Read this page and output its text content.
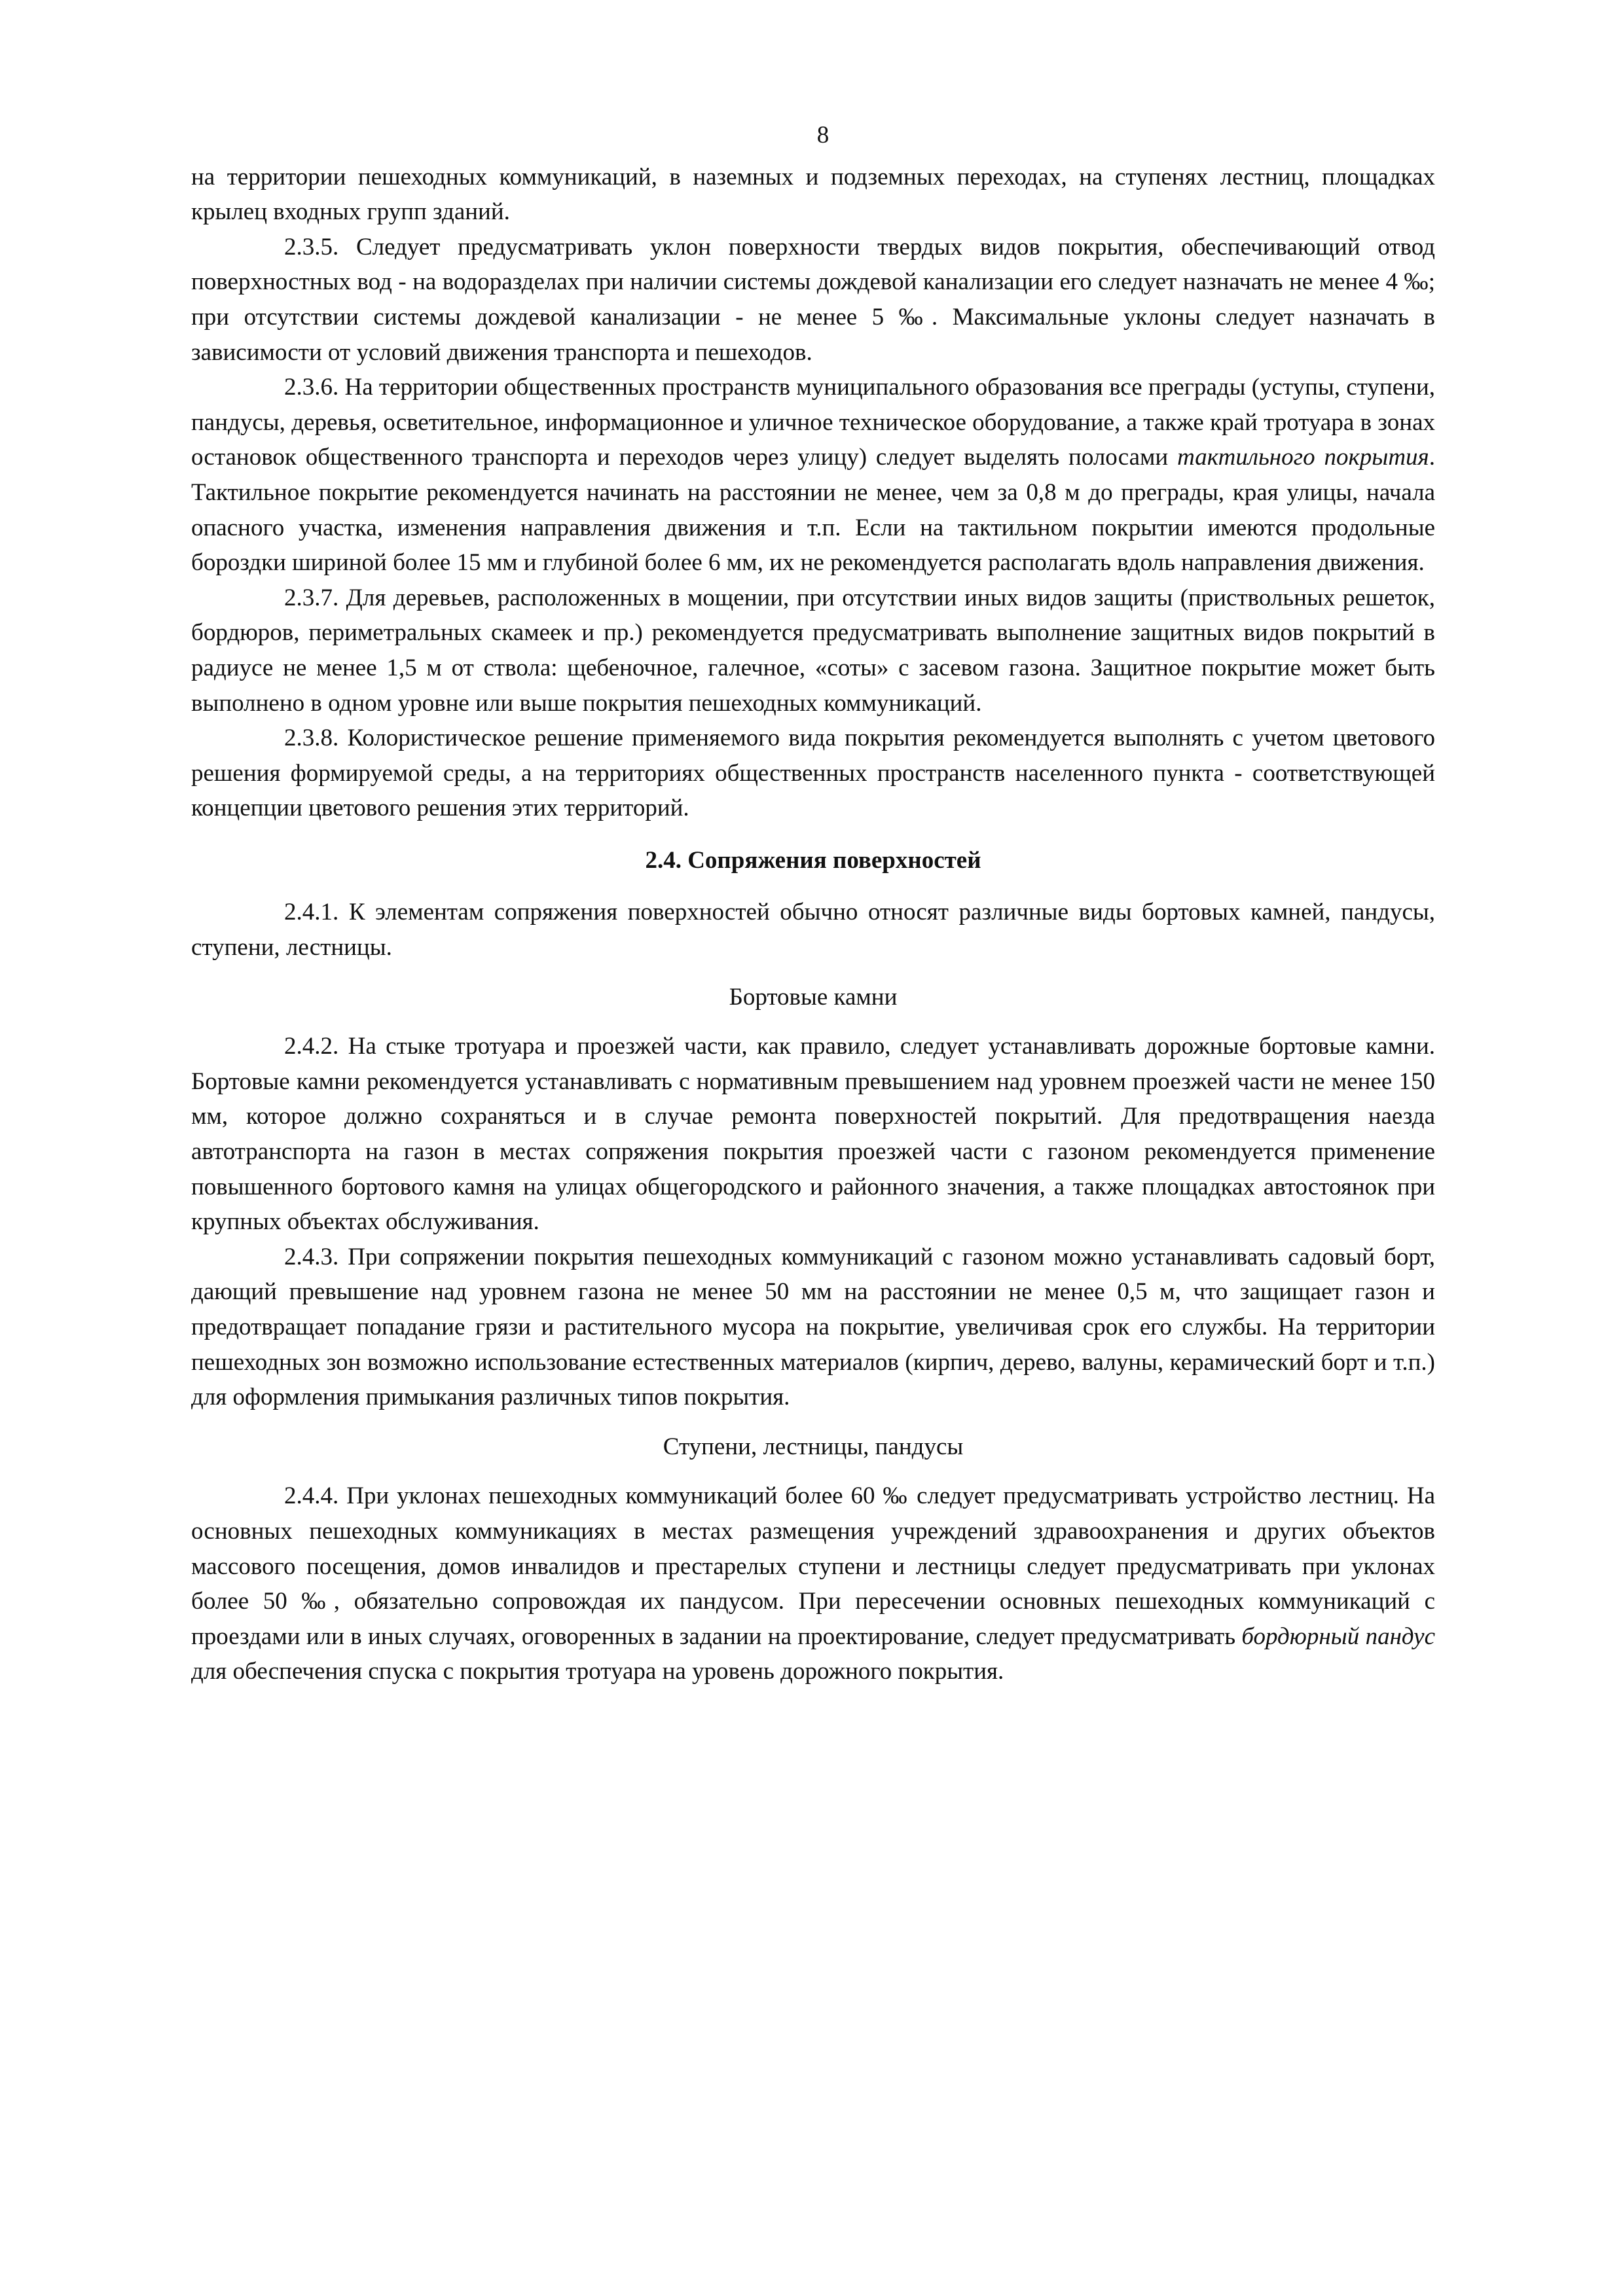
8

на территории пешеходных коммуникаций, в наземных и подземных переходах, на ступенях лестниц, площадках крылец входных групп зданий.

2.3.5. Следует предусматривать уклон поверхности твердых видов покрытия, обеспечивающий отвод поверхностных вод - на водоразделах при наличии системы дождевой канализации его следует назначать не менее 4 ‰; при отсутствии системы дождевой канализации - не менее 5 ‰. Максимальные уклоны следует назначать в зависимости от условий движения транспорта и пешеходов.

2.3.6. На территории общественных пространств муниципального образования все преграды (уступы, ступени, пандусы, деревья, осветительное, информационное и уличное техническое оборудование, а также край тротуара в зонах остановок общественного транспорта и переходов через улицу) следует выделять полосами тактильного покрытия. Тактильное покрытие рекомендуется начинать на расстоянии не менее, чем за 0,8 м до преграды, края улицы, начала опасного участка, изменения направления движения и т.п. Если на тактильном покрытии имеются продольные бороздки шириной более 15 мм и глубиной более 6 мм, их не рекомендуется располагать вдоль направления движения.

2.3.7. Для деревьев, расположенных в мощении, при отсутствии иных видов защиты (приствольных решеток, бордюров, периметральных скамеек и пр.) рекомендуется предусматривать выполнение защитных видов покрытий в радиусе не менее 1,5 м от ствола: щебеночное, галечное, «соты» с засевом газона. Защитное покрытие может быть выполнено в одном уровне или выше покрытия пешеходных коммуникаций.

2.3.8. Колористическое решение применяемого вида покрытия рекомендуется выполнять с учетом цветового решения формируемой среды, а на территориях общественных пространств населенного пункта - соответствующей концепции цветового решения этих территорий.

2.4. Сопряжения поверхностей

2.4.1. К элементам сопряжения поверхностей обычно относят различные виды бортовых камней, пандусы, ступени, лестницы.

Бортовые камни

2.4.2. На стыке тротуара и проезжей части, как правило, следует устанавливать дорожные бортовые камни. Бортовые камни рекомендуется устанавливать с нормативным превышением над уровнем проезжей части не менее 150 мм, которое должно сохраняться и в случае ремонта поверхностей покрытий. Для предотвращения наезда автотранспорта на газон в местах сопряжения покрытия проезжей части с газоном рекомендуется применение повышенного бортового камня на улицах общегородского и районного значения, а также площадках автостоянок при крупных объектах обслуживания.

2.4.3. При сопряжении покрытия пешеходных коммуникаций с газоном можно устанавливать садовый борт, дающий превышение над уровнем газона не менее 50 мм на расстоянии не менее 0,5 м, что защищает газон и предотвращает попадание грязи и растительного мусора на покрытие, увеличивая срок его службы. На территории пешеходных зон возможно использование естественных материалов (кирпич, дерево, валуны, керамический борт и т.п.) для оформления примыкания различных типов покрытия.

Ступени, лестницы, пандусы

2.4.4. При уклонах пешеходных коммуникаций более 60 ‰ следует предусматривать устройство лестниц. На основных пешеходных коммуникациях в местах размещения учреждений здравоохранения и других объектов массового посещения, домов инвалидов и престарелых ступени и лестницы следует предусматривать при уклонах более 50 ‰, обязательно сопровождая их пандусом. При пересечении основных пешеходных коммуникаций с проездами или в иных случаях, оговоренных в задании на проектирование, следует предусматривать бордюрный пандус для обеспечения спуска с покрытия тротуара на уровень дорожного покрытия.
